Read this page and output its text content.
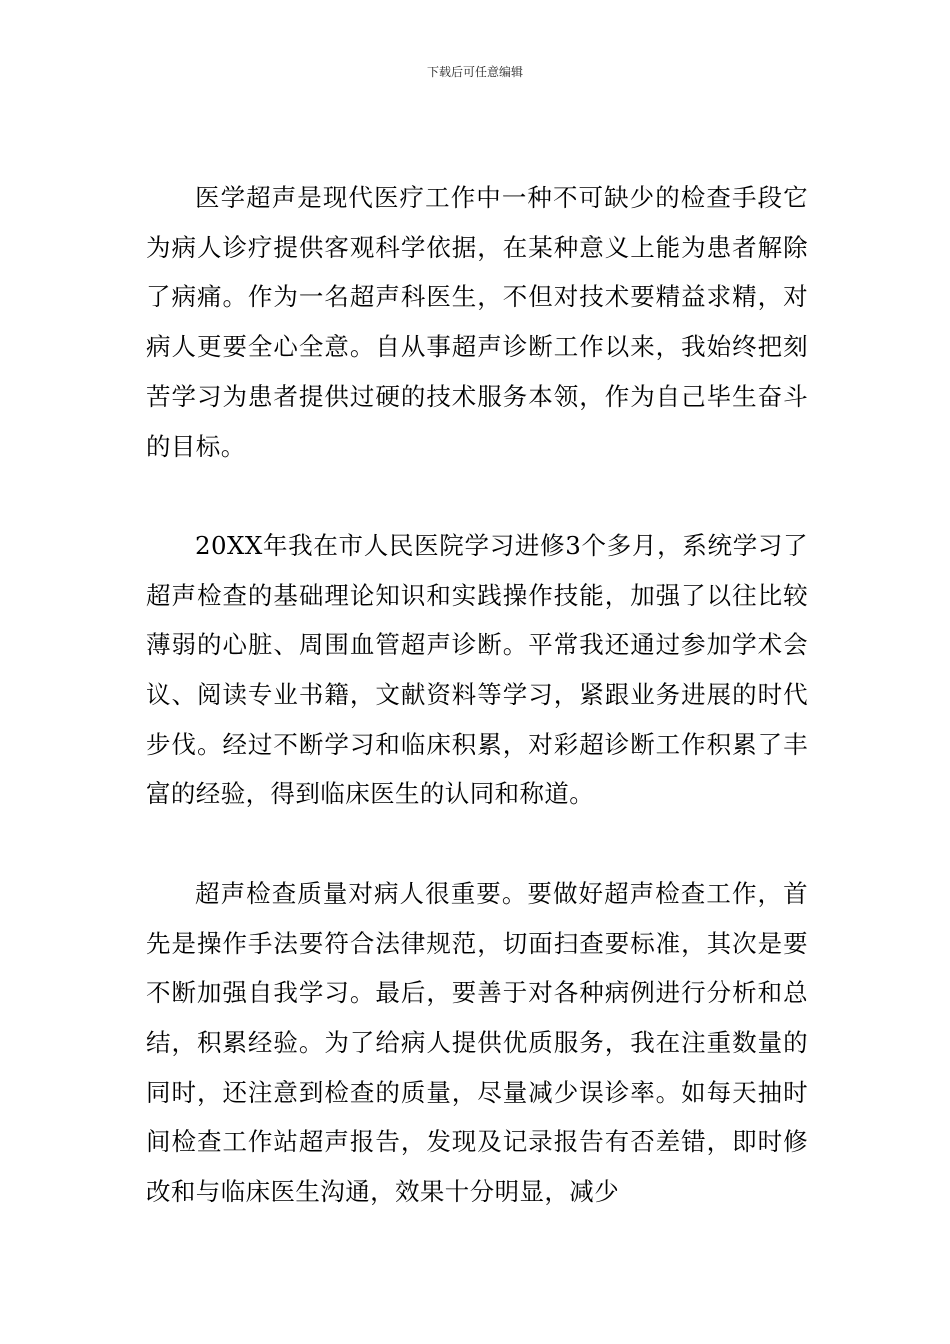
下载后可任意编辑

医学超声是现代医疗工作中一种不可缺少的检查手段它为病人诊疗提供客观科学依据，在某种意义上能为患者解除了病痛。作为一名超声科医生，不但对技术要精益求精，对病人更要全心全意。自从事超声诊断工作以来，我始终把刻苦学习为患者提供过硬的技术服务本领，作为自己毕生奋斗的目标。

20XX年我在市人民医院学习进修3个多月，系统学习了超声检查的基础理论知识和实践操作技能，加强了以往比较薄弱的心脏、周围血管超声诊断。平常我还通过参加学术会议、阅读专业书籍，文献资料等学习，紧跟业务进展的时代步伐。经过不断学习和临床积累，对彩超诊断工作积累了丰富的经验，得到临床医生的认同和称道。

超声检查质量对病人很重要。要做好超声检查工作，首先是操作手法要符合法律规范，切面扫查要标准，其次是要不断加强自我学习。最后，要善于对各种病例进行分析和总结，积累经验。为了给病人提供优质服务，我在注重数量的同时，还注意到检查的质量，尽量减少误诊率。如每天抽时间检查工作站超声报告，发现及记录报告有否差错，即时修改和与临床医生沟通，效果十分明显，减少
